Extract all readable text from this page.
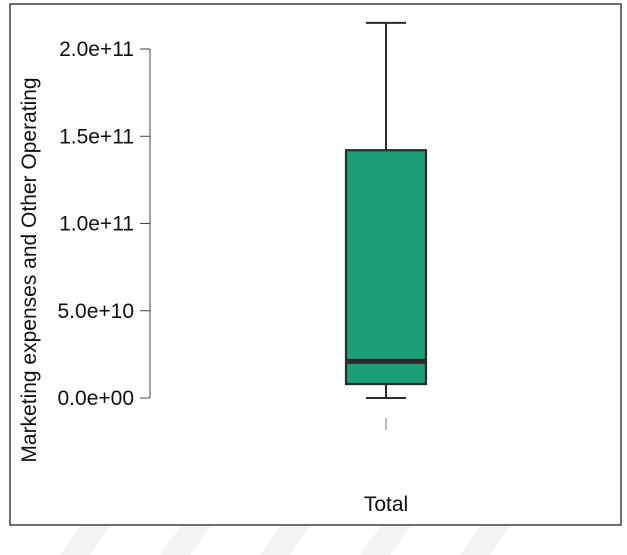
Marketing expenses and Other Operating 0.0e+00
5.0e+10
1.0e+11
1.5e+11
2.0e+11
Total
